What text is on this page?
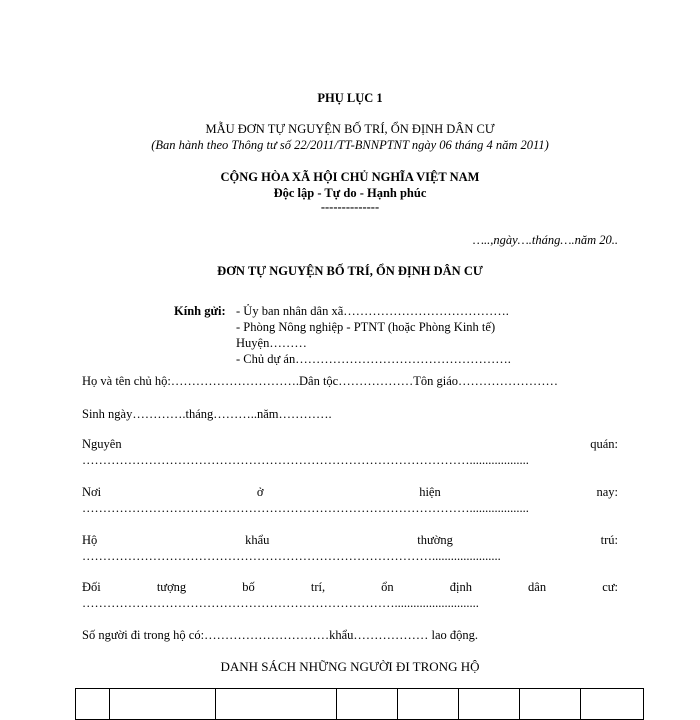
PHỤ LỤC 1
MẪU ĐƠN TỰ NGUYỆN BỐ TRÍ, ỔN ĐỊNH DÂN CƯ
(Ban hành theo Thông tư số 22/2011/TT-BNNPTNT ngày 06 tháng 4 năm 2011)
CỘNG HÒA XÃ HỘI CHỦ NGHĨA VIỆT NAM
Độc lập - Tự do - Hạnh phúc
--------------
…..,ngày….tháng….năm 20..
ĐƠN TỰ NGUYỆN BỐ TRÍ, ỔN ĐỊNH DÂN CƯ
Kính gửi: - Ủy ban nhân dân xã………………………………….
- Phòng Nông nghiệp - PTNT (hoặc Phòng Kinh tế)
Huyện………
- Chủ dự án…………………………………………….
Họ và tên chủ hộ:………………………….Dân tộc………………Tôn giáo……………………
Sinh ngày………….tháng………..năm………….
Nguyên	quán:
…………………………………………………………………………………...................
Nơi	ở	hiện	nay:
…………………………………………………………………………………...................
Hộ	khẩu	thường	trú:
…………………………………………………………………………......................
Đối	tượng	bố	trí,	ổn	định	dân	cư:
…………………………………………………………………...........................
Số người đi trong hộ có:…………………………khẩu……………… lao động.
DANH SÁCH NHỮNG NGƯỜI ĐI TRONG HỘ
